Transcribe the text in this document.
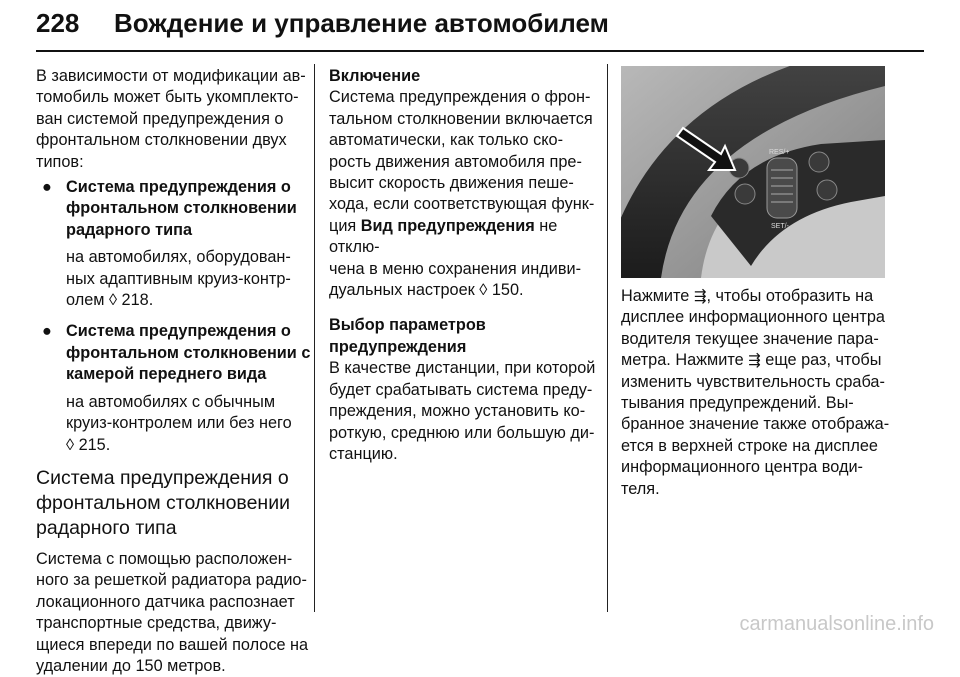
228 Вождение и управление автомобилем

В зависимости от модификации ав-

томобиль может быть укомплекто-

ван системой предупреждения о

фронтальном столкновении двух

типов:

● Система предупреждения о

фронтальном столкновении

радарного типа

на автомобилях, оборудован-

ных адаптивным круиз-контр-

олем ◊ 218.

● Система предупреждения о

фронтальном столкновении с

камерой переднего вида

на автомобилях с обычным

круиз-контролем или без него

◊ 215.

Система предупреждения о

фронтальном столкновении

радарного типа

Система с помощью расположен-

ного за решеткой радиатора радио-

локационного датчика распознает

транспортные средства, движу-

щиеся впереди по вашей полосе на

удалении до 150 метров.

Включение

Система предупреждения о фрон-

тальном столкновении включается

автоматически, как только ско-

рость движения автомобиля пре-

высит скорость движения пеше-

хода, если соответствующая функ-

ция Вид предупреждения не отклю-

чена в меню сохранения индиви-

дуальных настроек ◊ 150.

Выбор параметров

предупреждения

В качестве дистанции, при которой

будет срабатывать система преду-

преждения, можно установить ко-

роткую, среднюю или большую ди-

станцию.

RES/+
SET/-

Нажмите ⇶, чтобы отобразить на

дисплее информационного центра

водителя текущее значение пара-

метра. Нажмите ⇶ еще раз, чтобы

изменить чувствительность сраба-

тывания предупреждений. Вы-

бранное значение также отобража-

ется в верхней строке на дисплее

информационного центра води-

теля.

carmanualsonline.info
